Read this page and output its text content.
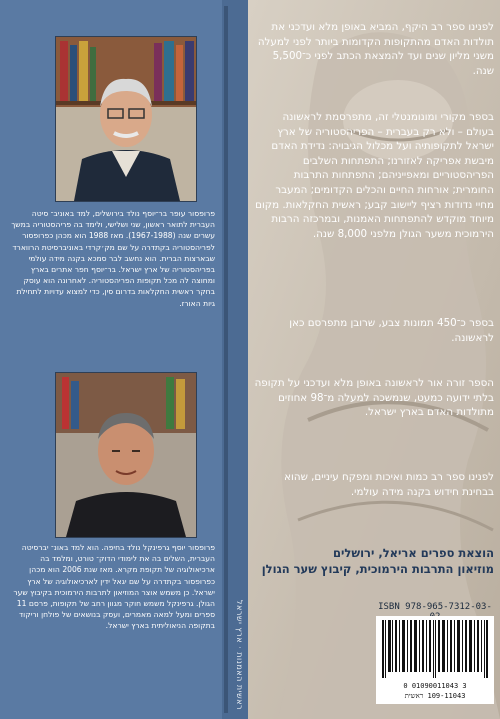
פרופסור עופר בר־יוסף נולד בירושלים, למד באוניב־ סיטה העברית לתואר ראשון, שני ושלישי, ולימד בה פריהסטוריה במשך עשרים שנה (1967-1988). מאז 1988 הוא מכהן כפרופסור לפריהסטוריה בקתדרה על שם מק׳קרדי באוניברסיטת הרווארד שבארצות הברית. הוא נחשב לבר סמכא בקנה מידה עולמי בפריהסטוריה של ארץ ישראל. בר־יוסף חפר אתרים בארץ ומחוצה לה מכל תקופות הפריהסטוריה. לאחרונה הוא עוסק בחקר ראשית החקלאות בדרום סין, כדי למצוא עדויות לתחילת גיות האורז.
פרופסור יוסף גרפינקל נולד בחיפה. הוא למד באונ־ יברסיטה העברית, השלים בה את לימודי הדוק־ טורט, ומלמד בה ארכיאולוגיה של תקופת מקרא. מאז שנת 2006 הוא מכהן כפרופסור בקתדרה על שם יגאל ידין לארכיאולוגיה של ארץ ישראל. כן משמש אוצר המוזיאון לתרבות הירמוכית בקיבוץ שער הגולן. גרפינקל משמש חוקר מגוון רחב של תקופות, פרסם 11 ספרים ומעל למאה מאמרים, ועסק בנושאים של פולחן וריקוד בתקופה הניאוליתית בארץ ישראל.	ראשית האמנות · ארץ ישראל
לפנינו ספר רב היקף, המביא באופן מלא ועדכני את תולדות האדם מהתקופות הקדומות ביותר לפני למעלה משני מליון שנים ועד להמצאת הכתב לפני כ־5,500 שנה.
בספר מקורי ומונומנטלי זה, מתפרסמת לראשונה בעולם – ולא רק בעברית – הפריהסטוריה של ארץ ישראל לתקופותיה ועל מכלול הגיבויה: נדידת האדם מיבשת אפריקה לאזורנו; התפתחות השלבים הפריהסטוריים ומאפייניהם; התפתחות התרבות החומרית; אורחות החיים והכלים הקדומים; המעבר מחיי נדודות רציף ליישוב קבע; ראשית החקלאות. מקום מיוחד מוקדש להתפתחות האמנות, ובמרכזה הרבות הירמוכית משער הגולן מלפני 8,000 שנה.
בספר כ־450 תמונות צבע, שרובן מתפרסם כאן לראשונה.
הספר זורה אור לראשונה באופן מלא ועדכני על תקופה בלתי ידועה כמעט, שנמשכה למעלה מ־98 אחוזים מתולדות האדם בארץ ישראל.
לפנינו ספר רב כמות ואיכות ומפקח עיניים, שהוא בבחינת חידוש בקנה מידה עולמי.
הוצאת ספרים אריאל, ירושלים
מוזיאון התרבות הירמוכית, קיבוץ שער הגולן
ISBN 978-965-7312-03-
0 01090011043 3
109-11043 ראשית
